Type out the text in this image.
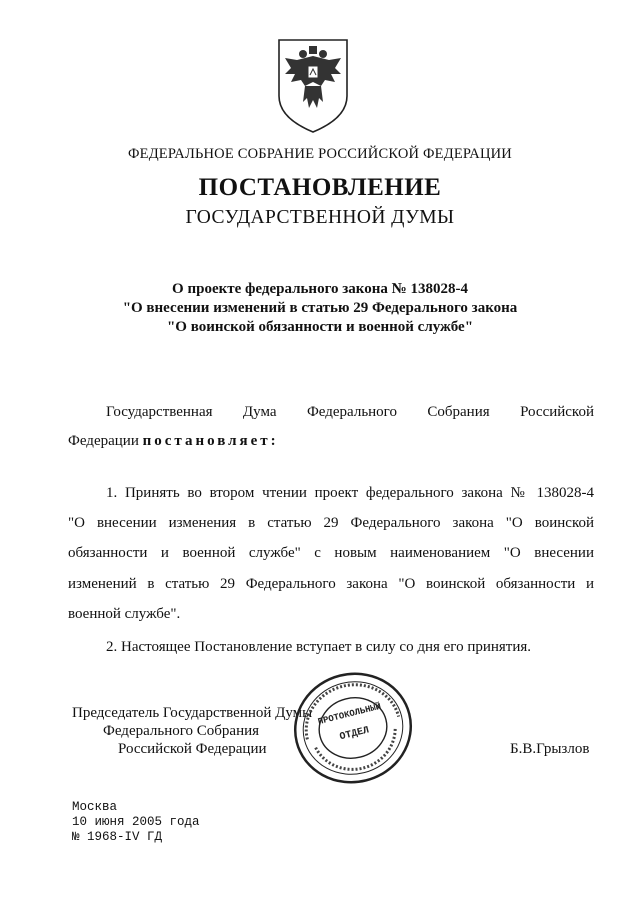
ФЕДЕРАЛЬНОЕ СОБРАНИЕ РОССИЙСКОЙ ФЕДЕРАЦИИ
ПОСТАНОВЛЕНИЕ
ГОСУДАРСТВЕННОЙ ДУМЫ
О проекте федерального закона № 138028-4
"О внесении изменений в статью 29 Федерального закона
"О воинской обязанности и военной службе"
Государственная Дума Федерального Собрания Российской
Федерации постановляет:
1. Принять во втором чтении проект федерального закона № 138028-4
"О внесении изменения в статью 29 Федерального закона "О воинской
обязанности и военной службе" с новым наименованием "О внесении
изменений в статью 29 Федерального закона "О воинской обязанности и
военной службе".
2. Настоящее Постановление вступает в силу со дня его принятия.
Председатель Государственной Думы
Федерального Собрания
Российской Федерации	Б.В.Грызлов
ПРОТОКОЛЬНЫЙ
ОТДЕЛ
Москва
10 июня 2005 года
№ 1968-IV ГД
